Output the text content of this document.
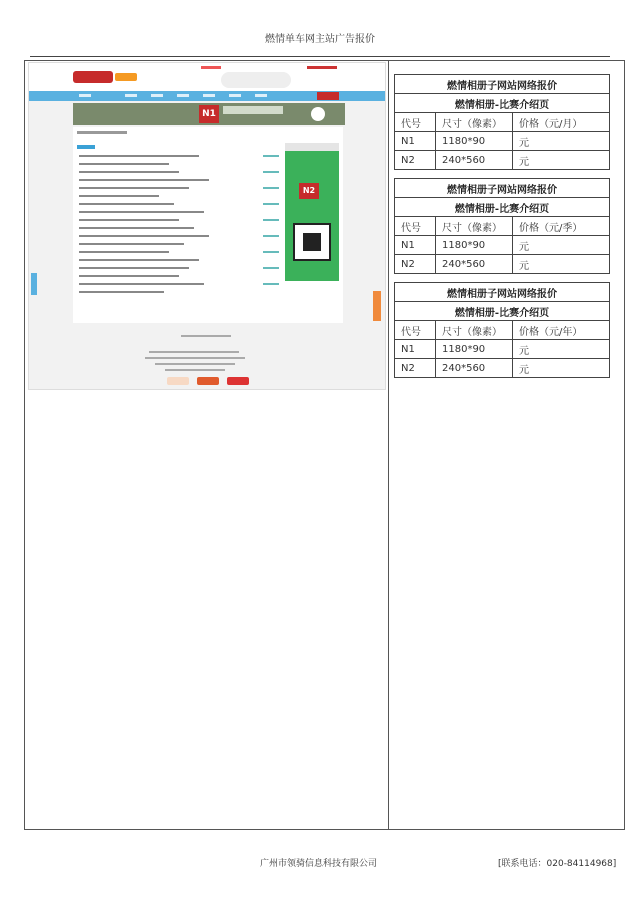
燃情单车网主站广告报价
N1
N2
燃情相册子网站网络报价		
燃情相册-比赛介绍页		
代号	尺寸（像素）	价格（元/月）
N1	1180*90	元
N2	240*560	元
燃情相册子网站网络报价		
燃情相册-比赛介绍页		
代号	尺寸（像素）	价格（元/季）
N1	1180*90	元
N2	240*560	元
燃情相册子网站网络报价		
燃情相册-比赛介绍页		
代号	尺寸（像素）	价格（元/年）
N1	1180*90	元
N2	240*560	元
广州市领骑信息科技有限公司	[联系电话：020-84114968]
